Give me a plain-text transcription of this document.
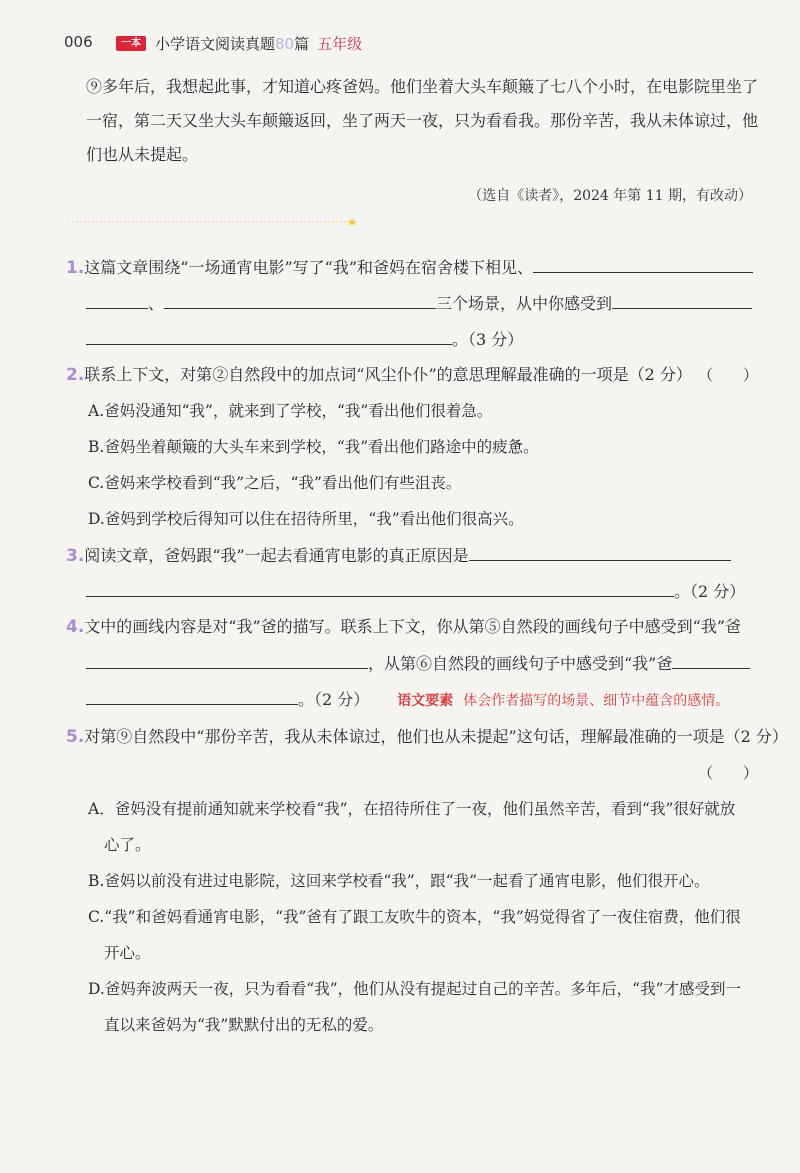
006	一本 小学语文阅读真题80篇 五年级
⑨多年后，我想起此事，才知道心疼爸妈。他们坐着大头车颠簸了七八个小时，在电影院里坐了一宿，第二天又坐大头车颠簸返回，坐了两天一夜，只为看看我。那份辛苦，我从未体谅过，他们也从未提起。
（选自《读者》，2024 年第 11 期，有改动）
1.这篇文章围绕“一场通宵电影”写了“我”和爸妈在宿舍楼下相见、
、	三个场景，从中你感受到
。（3 分）
2.联系上下文，对第②自然段中的加点词“风尘仆仆”的意思理解最准确的一项是（2 分） （　　）
A.爸妈没通知“我”，就来到了学校，“我”看出他们很着急。
B.爸妈坐着颠簸的大头车来到学校，“我”看出他们路途中的疲惫。
C.爸妈来学校看到“我”之后，“我”看出他们有些沮丧。
D.爸妈到学校后得知可以住在招待所里，“我”看出他们很高兴。
3.阅读文章，爸妈跟“我”一起去看通宵电影的真正原因是
。（2 分）
4.文中的画线内容是对“我”爸的描写。联系上下文，你从第⑤自然段的画线句子中感受到“我”爸
，从第⑥自然段的画线句子中感受到“我”爸
。（2 分） 语文要素 体会作者描写的场景、细节中蕴含的感情。
5.对第⑨自然段中“那份辛苦，我从未体谅过，他们也从未提起”这句话，理解最准确的一项是（2 分）
（　　）
A．爸妈没有提前通知就来学校看“我”，在招待所住了一夜，他们虽然辛苦，看到“我”很好就放
心了。
B.爸妈以前没有进过电影院，这回来学校看“我”，跟“我”一起看了通宵电影，他们很开心。
C.“我”和爸妈看通宵电影，“我”爸有了跟工友吹牛的资本，“我”妈觉得省了一夜住宿费，他们很
开心。
D.爸妈奔波两天一夜，只为看看“我”，他们从没有提起过自己的辛苦。多年后，“我”才感受到一
直以来爸妈为“我”默默付出的无私的爱。
